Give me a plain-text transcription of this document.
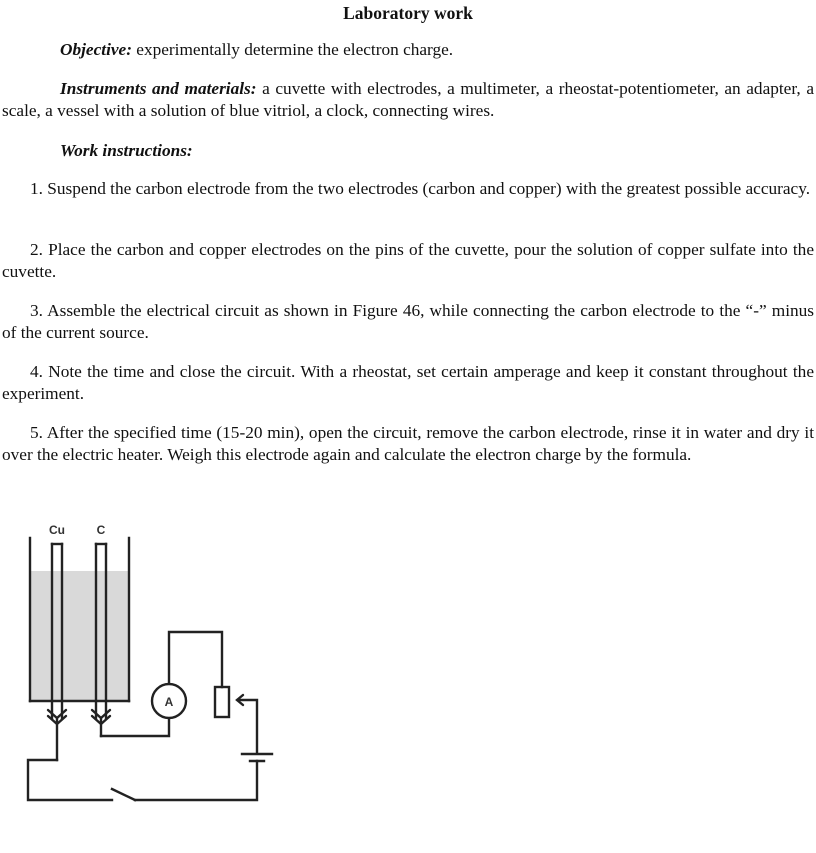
Laboratory work

Objective: experimentally determine the electron charge.

Instruments and materials: a cuvette with electrodes, a multimeter, a rheostat-potentiometer, an adapter, a scale, a vessel with a solution of blue vitriol, a clock, connecting wires.

Work instructions:

1. Suspend the carbon electrode from the two electrodes (carbon and copper) with the greatest possible accuracy.

2. Place the carbon and copper electrodes on the pins of the cuvette, pour the solution of copper sulfate into the cuvette.

3. Assemble the electrical circuit as shown in Figure 46, while connecting the carbon electrode to the “-” minus of the current source.

4. Note the time and close the circuit. With a rheostat, set certain amperage and keep it constant throughout the experiment.

5. After the specified time (15-20 min), open the circuit, remove the carbon electrode, rinse it in water and dry it over the electric heater. Weigh this electrode again and calculate the electron charge by the formula.

Cu	C
A
